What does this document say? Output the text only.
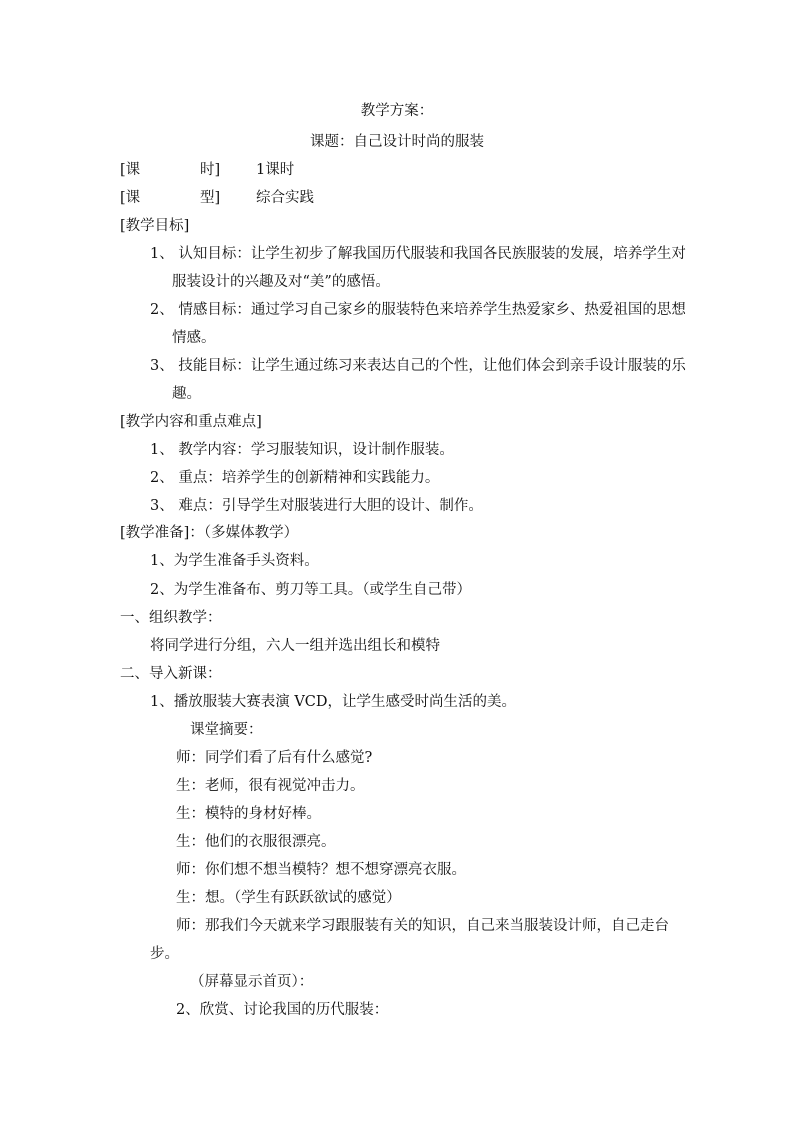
教学方案：
课题：自己设计时尚的服装
[课	时] 1课时
[课	型] 综合实践
[教学目标]
1、 认知目标：让学生初步了解我国历代服装和我国各民族服装的发展，培养学生对服装设计的兴趣及对“美”的感悟。
2、 情感目标：通过学习自己家乡的服装特色来培养学生热爱家乡、热爱祖国的思想情感。
3、 技能目标：让学生通过练习来表达自己的个性，让他们体会到亲手设计服装的乐趣。
[教学内容和重点难点]
1、 教学内容：学习服装知识，设计制作服装。
2、 重点：培养学生的创新精神和实践能力。
3、 难点：引导学生对服装进行大胆的设计、制作。
[教学准备]：（多媒体教学）
1、为学生准备手头资料。
2、为学生准备布、剪刀等工具。（或学生自己带）
一、组织教学：
将同学进行分组，六人一组并选出组长和模特
二、导入新课：
1、播放服装大赛表演 VCD，让学生感受时尚生活的美。
课堂摘要：
师：同学们看了后有什么感觉?
生：老师，很有视觉冲击力。
生：模特的身材好棒。
生：他们的衣服很漂亮。
师：你们想不想当模特？想不想穿漂亮衣服。
生：想。（学生有跃跃欲试的感觉）
师：那我们今天就来学习跟服装有关的知识，自己来当服装设计师，自己走台步。
（屏幕显示首页）：
2、欣赏、讨论我国的历代服装：
